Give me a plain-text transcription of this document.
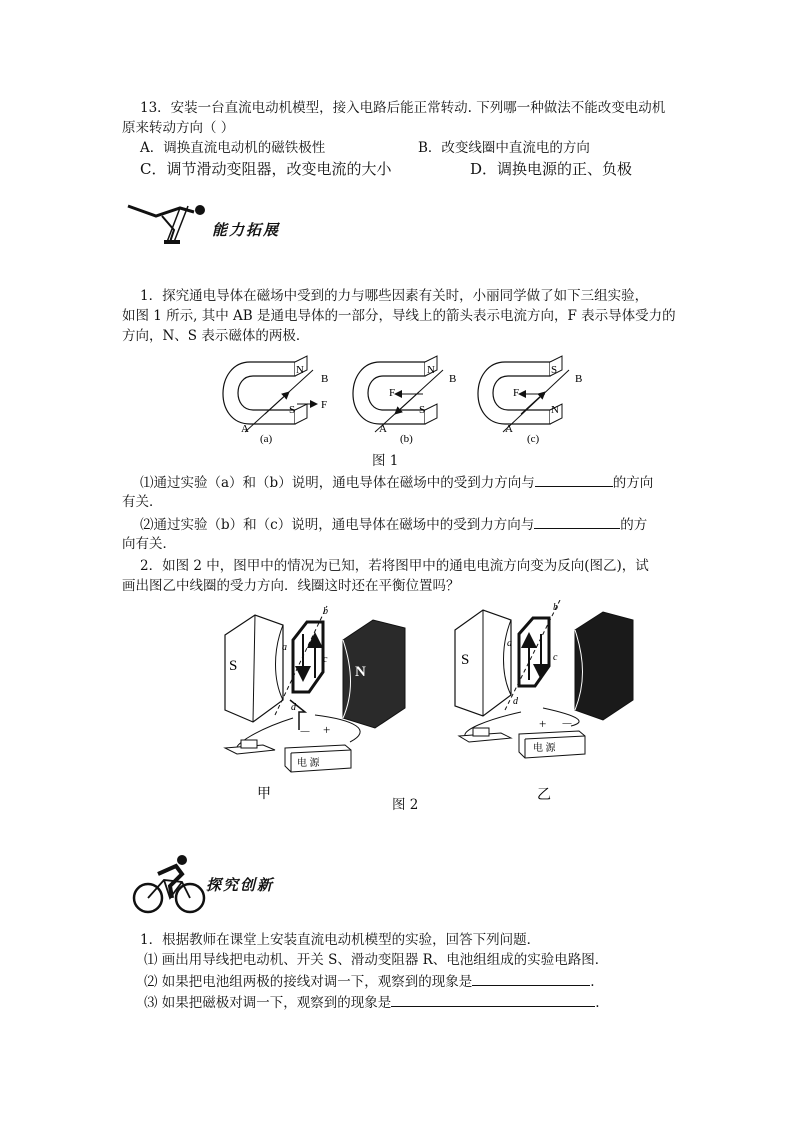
13．安装一台直流电动机模型，接入电路后能正常转动. 下列哪一种做法不能改变电动机
原来转动方向（ ）
A．调换直流电动机的磁铁极性	B．改变线圈中直流电的方向
C．调节滑动变阻器，改变电流的大小	D．调换电源的正、负极
能力拓展
1．探究通电导体在磁场中受到的力与哪些因素有关时，小丽同学做了如下三组实验，
如图 1 所示, 其中 AB 是通电导体的一部分，导线上的箭头表示电流方向，F 表示导体受力的
方向，N、S 表示磁体的两极．
N
S
B
F
A
(a)
N
S
B
F
A
(b)
S
N
B
F
A
(c)
图 1
⑴通过实验（a）和（b）说明，通电导体在磁场中的受到力方向与	的方向
有关．
⑵通过实验（b）和（c）说明，通电导体在磁场中的受到力方向与	的方
向有关．
2．如图 2 中，图甲中的情况为已知，若将图甲中的通电电流方向变为反向(图乙)，试
画出图乙中线圈的受力方向．线圈这时还在平衡位置吗？
S	N
a
b
c
d
－ +
电 源
甲
S
a
b
c
d
+ －
电 源
乙
图 2
探究创新
1．根据教师在课堂上安装直流电动机模型的实验，回答下列问题．
⑴ 画出用导线把电动机、开关 S、滑动变阻器 R、电池组组成的实验电路图．
⑵ 如果把电池组两极的接线对调一下，观察到的现象是	.
⑶ 如果把磁极对调一下，观察到的现象是	.
